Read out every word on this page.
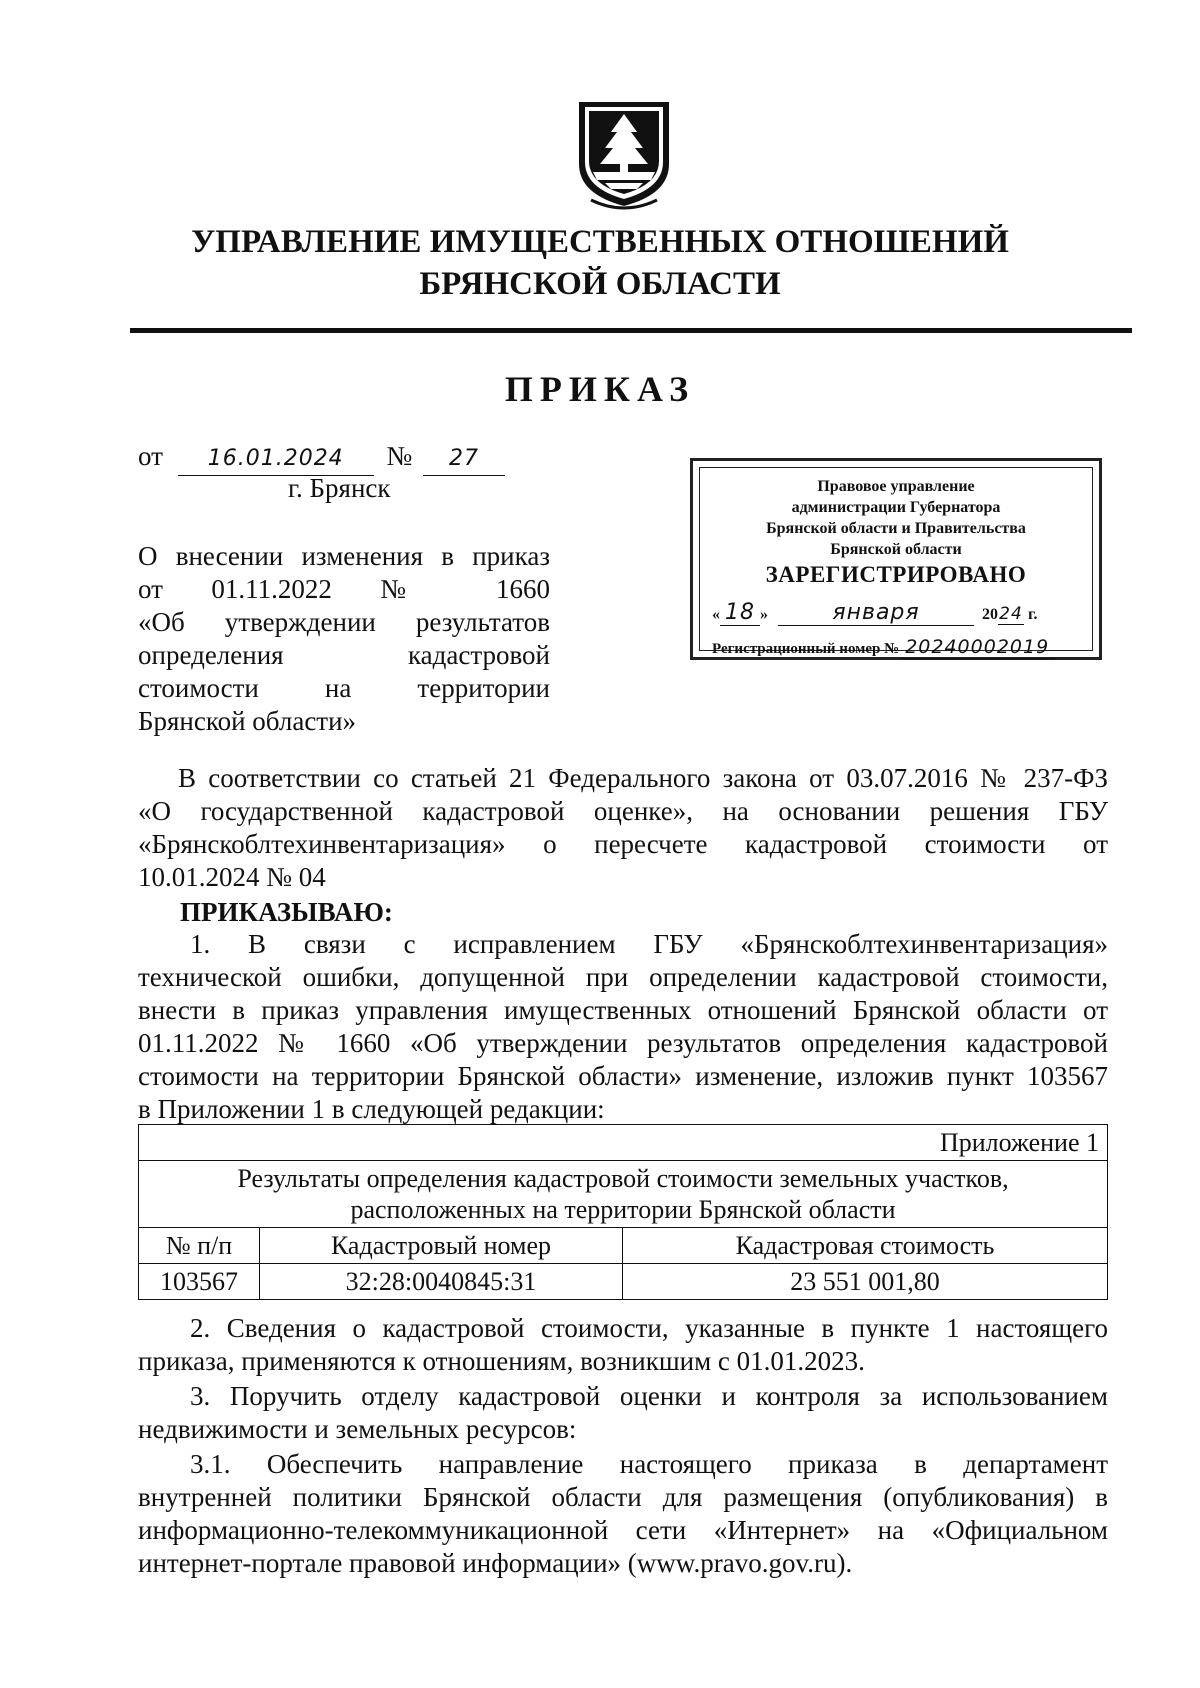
УПРАВЛЕНИЕ ИМУЩЕСТВЕННЫХ ОТНОШЕНИЙ
БРЯНСКОЙ ОБЛАСТИ
ПРИКАЗ
от 16.01.2024 № 27
г. Брянск	Правовое управление
администрации Губернатора
Брянской области и Правительства
Брянской области
ЗАРЕГИСТРИРОВАНО
« 18 »	января	2024 г.
Регистрационный номер № 20240002019
О внесении изменения в приказ
от 01.11.2022 № 1660
«Об утверждении результатов
определения кадастровой
стоимости на территории
Брянской области»
В соответствии со статьей 21 Федерального закона от 03.07.2016 № 237-ФЗ
«О государственной кадастровой оценке», на основании решения ГБУ
«Брянскоблтехинвентаризация» о пересчете кадастровой стоимости от
10.01.2024 № 04
ПРИКАЗЫВАЮ:
1. В связи с исправлением ГБУ «Брянскоблтехинвентаризация»
технической ошибки, допущенной при определении кадастровой стоимости,
внести в приказ управления имущественных отношений Брянской области от
01.11.2022 № 1660 «Об утверждении результатов определения кадастровой
стоимости на территории Брянской области» изменение, изложив пункт 103567
в Приложении 1 в следующей редакции:
Приложение 1		

Результаты определения кадастровой стоимости земельных участков,
расположенных на территории Брянской области		

№ п/п	Кадастровый номер	Кадастровая стоимость
103567	32:28:0040845:31	23 551 001,80
2. Сведения о кадастровой стоимости, указанные в пункте 1 настоящего
приказа, применяются к отношениям, возникшим с 01.01.2023.
3. Поручить отделу кадастровой оценки и контроля за использованием
недвижимости и земельных ресурсов:
3.1. Обеспечить направление настоящего приказа в департамент
внутренней политики Брянской области для размещения (опубликования) в
информационно-телекоммуникационной сети «Интернет» на «Официальном
интернет-портале правовой информации» (www.pravo.gov.ru).
